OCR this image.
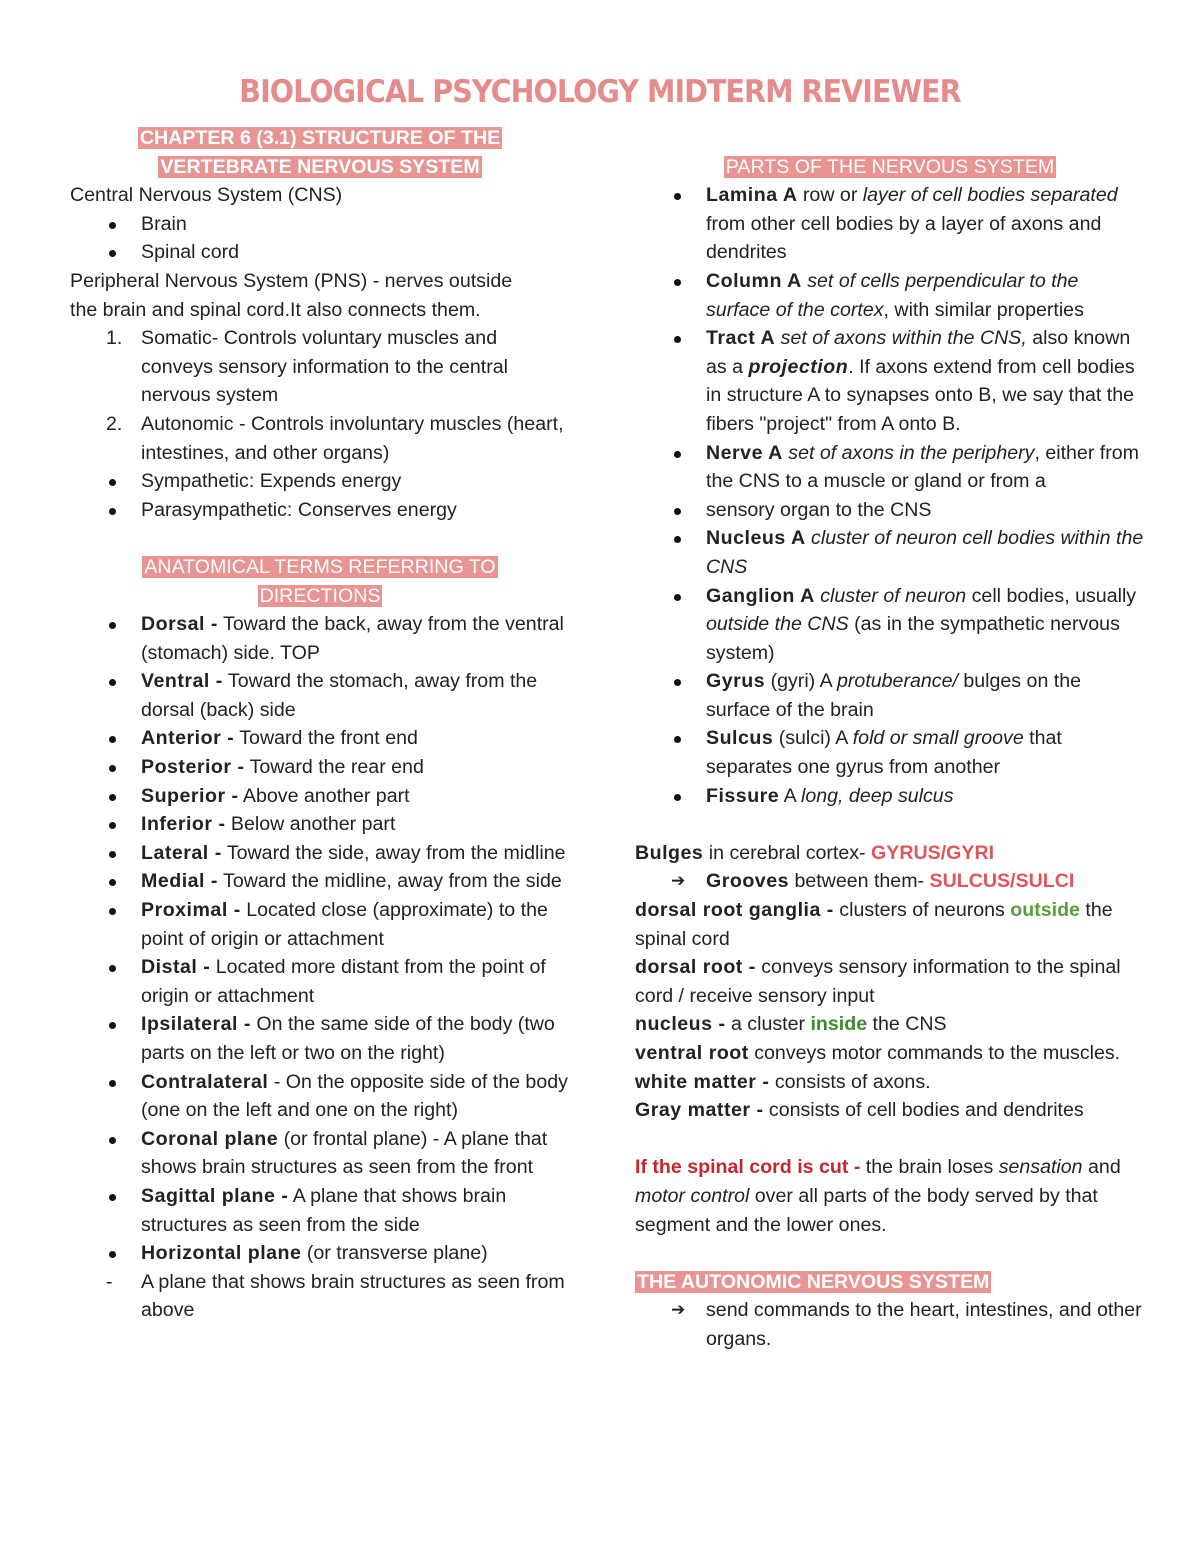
BIOLOGICAL PSYCHOLOGY MIDTERM REVIEWER
CHAPTER 6 (3.1) STRUCTURE OF THE
VERTEBRATE NERVOUS SYSTEM

Central Nervous System (CNS)

Brain
Spinal cord

Peripheral Nervous System (PNS) - nerves outside
the brain and spinal cord.It also connects them.

1. Somatic- Controls voluntary muscles and conveys sensory information to the central nervous system
2. Autonomic - Controls involuntary muscles (heart, intestines, and other organs)
Sympathetic: Expends energy
Parasympathetic: Conserves energy
ANATOMICAL TERMS REFERRING TO
DIRECTIONS
Dorsal - Toward the back, away from the ventral (stomach) side. TOP
Ventral - Toward the stomach, away from the dorsal (back) side
Anterior - Toward the front end
Posterior - Toward the rear end
Superior - Above another part
Inferior - Below another part
Lateral - Toward the side, away from the midline
Medial - Toward the midline, away from the side
Proximal - Located close (approximate) to the point of origin or attachment
Distal - Located more distant from the point of origin or attachment
Ipsilateral - On the same side of the body (two parts on the left or two on the right)
Contralateral - On the opposite side of the body (one on the left and one on the right)
Coronal plane (or frontal plane) - A plane that shows brain structures as seen from the front
Sagittal plane - A plane that shows brain structures as seen from the side
Horizontal plane (or transverse plane)
- A plane that shows brain structures as seen from above
PARTS OF THE NERVOUS SYSTEM
Lamina A row or layer of cell bodies separated from other cell bodies by a layer of axons and dendrites
Column A set of cells perpendicular to the surface of the cortex, with similar properties
Tract A set of axons within the CNS, also known as a projection. If axons extend from cell bodies in structure A to synapses onto B, we say that the fibers "project" from A onto B.
Nerve A set of axons in the periphery, either from the CNS to a muscle or gland or from a
sensory organ to the CNS
Nucleus A cluster of neuron cell bodies within the CNS
Ganglion A cluster of neuron cell bodies, usually outside the CNS (as in the sympathetic nervous system)
Gyrus (gyri) A protuberance/ bulges on the surface of the brain
Sulcus (sulci) A fold or small groove that separates one gyrus from another
Fissure A long, deep sulcus

Bulges in cerebral cortex- GYRUS/GYRI

➔ Grooves between them- SULCUS/SULCI

dorsal root ganglia - clusters of neurons outside the spinal cord

dorsal root - conveys sensory information to the spinal cord / receive sensory input

nucleus - a cluster inside the CNS

ventral root conveys motor commands to the muscles.

white matter - consists of axons.

Gray matter - consists of cell bodies and dendrites

If the spinal cord is cut - the brain loses sensation and motor control over all parts of the body served by that segment and the lower ones.

THE AUTONOMIC NERVOUS SYSTEM
➔ send commands to the heart, intestines, and other organs.
